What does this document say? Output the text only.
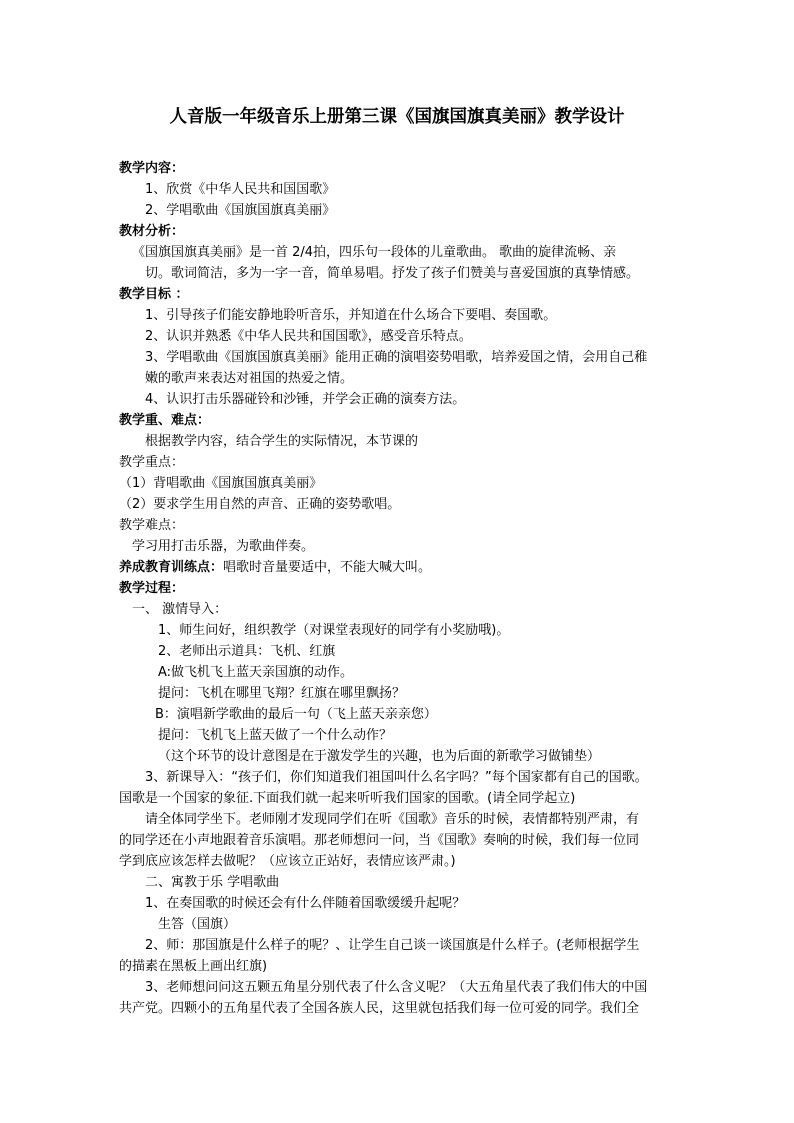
人音版一年级音乐上册第三课《国旗国旗真美丽》教学设计
教学内容：
1、欣赏《中华人民共和国国歌》
2、学唱歌曲《国旗国旗真美丽》
教材分析：
《国旗国旗真美丽》是一首 2/4拍，四乐句一段体的儿童歌曲。 歌曲的旋律流畅、亲
切。歌词简洁，多为一字一音，简单易唱。抒发了孩子们赞美与喜爱国旗的真挚情感。
教学目标 ：
1、引导孩子们能安静地聆听音乐，并知道在什么场合下要唱、奏国歌。
2、认识并熟悉《中华人民共和国国歌》，感受音乐特点。
3、学唱歌曲《国旗国旗真美丽》能用正确的演唱姿势唱歌，培养爱国之情，会用自己稚
嫩的歌声来表达对祖国的热爱之情。
4、认识打击乐器碰铃和沙锤，并学会正确的演奏方法。
教学重、难点：
根据教学内容，结合学生的实际情况，本节课的
教学重点：
（1）背唱歌曲《国旗国旗真美丽》
（2）要求学生用自然的声音、正确的姿势歌唱。
教学难点：
学习用打击乐器，为歌曲伴奏。
养成教育训练点：唱歌时音量要适中，不能大喊大叫。
教学过程：
一、 激情导入：
1、师生问好，组织教学（对课堂表现好的同学有小奖励哦)。
2、老师出示道具：飞机、红旗
A:做飞机飞上蓝天亲国旗的动作。
提问：飞机在哪里飞翔？红旗在哪里飘扬？
B：演唱新学歌曲的最后一句（飞上蓝天亲亲您）
提问：飞机飞上蓝天做了一个什么动作？
（这个环节的设计意图是在于激发学生的兴趣，也为后面的新歌学习做铺垫）
3、新课导入：“孩子们，你们知道我们祖国叫什么名字吗？”每个国家都有自己的国歌。
国歌是一个国家的象征.下面我们就一起来听听我们国家的国歌。(请全同学起立)
请全体同学坐下。老师刚才发现同学们在听《国歌》音乐的时候，表情都特别严肃，有
的同学还在小声地跟着音乐演唱。那老师想问一问，当《国歌》奏响的时候，我们每一位同
学到底应该怎样去做呢？（应该立正站好，表情应该严肃。)
二、寓教于乐 学唱歌曲
1、在奏国歌的时候还会有什么伴随着国歌缓缓升起呢？
生答（国旗）
2、师：那国旗是什么样子的呢？、让学生自己谈一谈国旗是什么样子。(老师根据学生
的描素在黑板上画出红旗)
3、老师想问问这五颗五角星分别代表了什么含义呢？（大五角星代表了我们伟大的中国
共产党。四颗小的五角星代表了全国各族人民，这里就包括我们每一位可爱的同学。我们全
